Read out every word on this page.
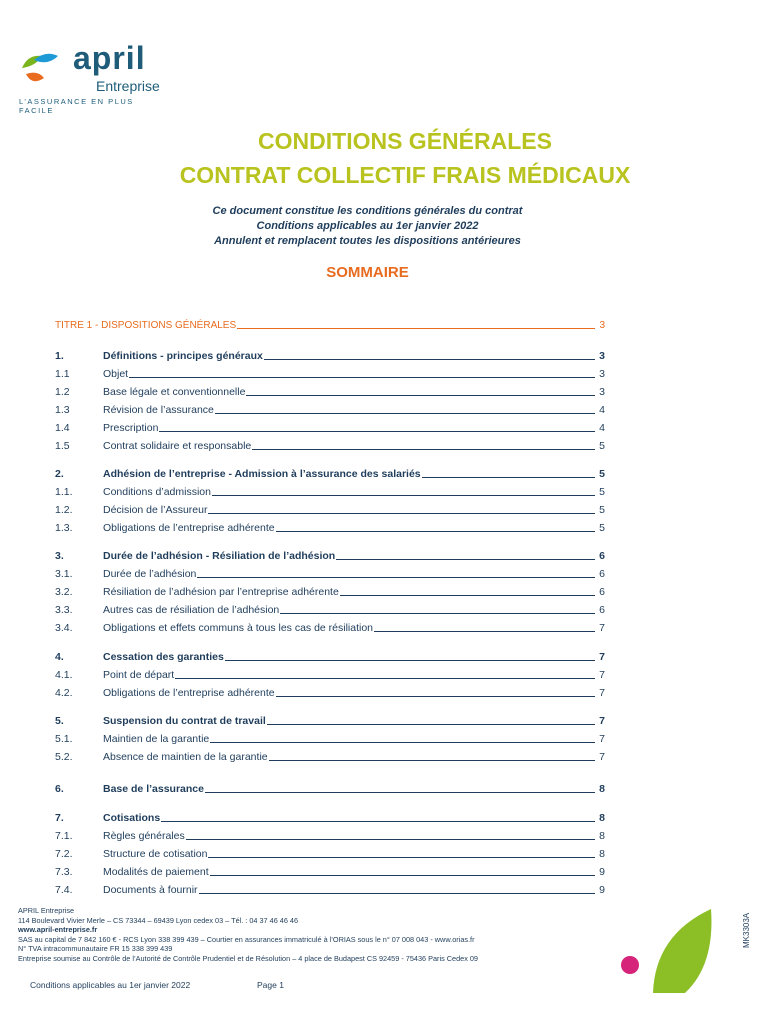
april
Entreprise
L’ASSURANCE EN PLUS FACILE
CONDITIONS GÉNÉRALES
CONTRAT COLLECTIF FRAIS MÉDICAUX
Ce document constitue les conditions générales du contrat
Conditions applicables au 1er janvier 2022
Annulent et remplacent toutes les dispositions antérieures
SOMMAIRE
TITRE 1 - DISPOSITIONS GÉNÉRALES	3
1.	Définitions - principes généraux	3
1.1	Objet	3
1.2	Base légale et conventionnelle	3
1.3	Révision de l’assurance	4
1.4	Prescription	4
1.5	Contrat solidaire et responsable	5
2.	Adhésion de l’entreprise - Admission à l’assurance des salariés	5
1.1.	Conditions d’admission	5
1.2.	Décision de l’Assureur	5
1.3.	Obligations de l’entreprise adhérente	5
3.	Durée de l’adhésion - Résiliation de l’adhésion	6
3.1.	Durée de l’adhésion	6
3.2.	Résiliation de l’adhésion par l’entreprise adhérente	6
3.3.	Autres cas de résiliation de l’adhésion	6
3.4.	Obligations et effets communs à tous les cas de résiliation	7
4.	Cessation des garanties	7
4.1.	Point de départ	7
4.2.	Obligations de l’entreprise adhérente	7
5.	Suspension du contrat de travail	7
5.1.	Maintien de la garantie	7
5.2.	Absence de maintien de la garantie	7
6.	Base de l’assurance	8
7.	Cotisations	8
7.1.	Règles générales	8
7.2.	Structure de cotisation	8
7.3.	Modalités de paiement	9
7.4.	Documents à fournir	9
APRIL Entreprise
114 Boulevard Vivier Merle – CS 73344 – 69439 Lyon cedex 03 – Tél. : 04 37 46 46 46
www.april-entreprise.fr
SAS au capital de 7 842 160 € - RCS Lyon 338 399 439 – Courtier en assurances immatriculé à l’ORIAS sous le n° 07 008 043 - www.orias.fr
N° TVA intracommunautaire FR 15 338 399 439
Entreprise soumise au Contrôle de l’Autorité de Contrôle Prudentiel et de Résolution – 4 place de Budapest CS 92459 - 75436 Paris Cedex 09
Conditions applicables au 1er janvier 2022	Page 1
MK3303A
